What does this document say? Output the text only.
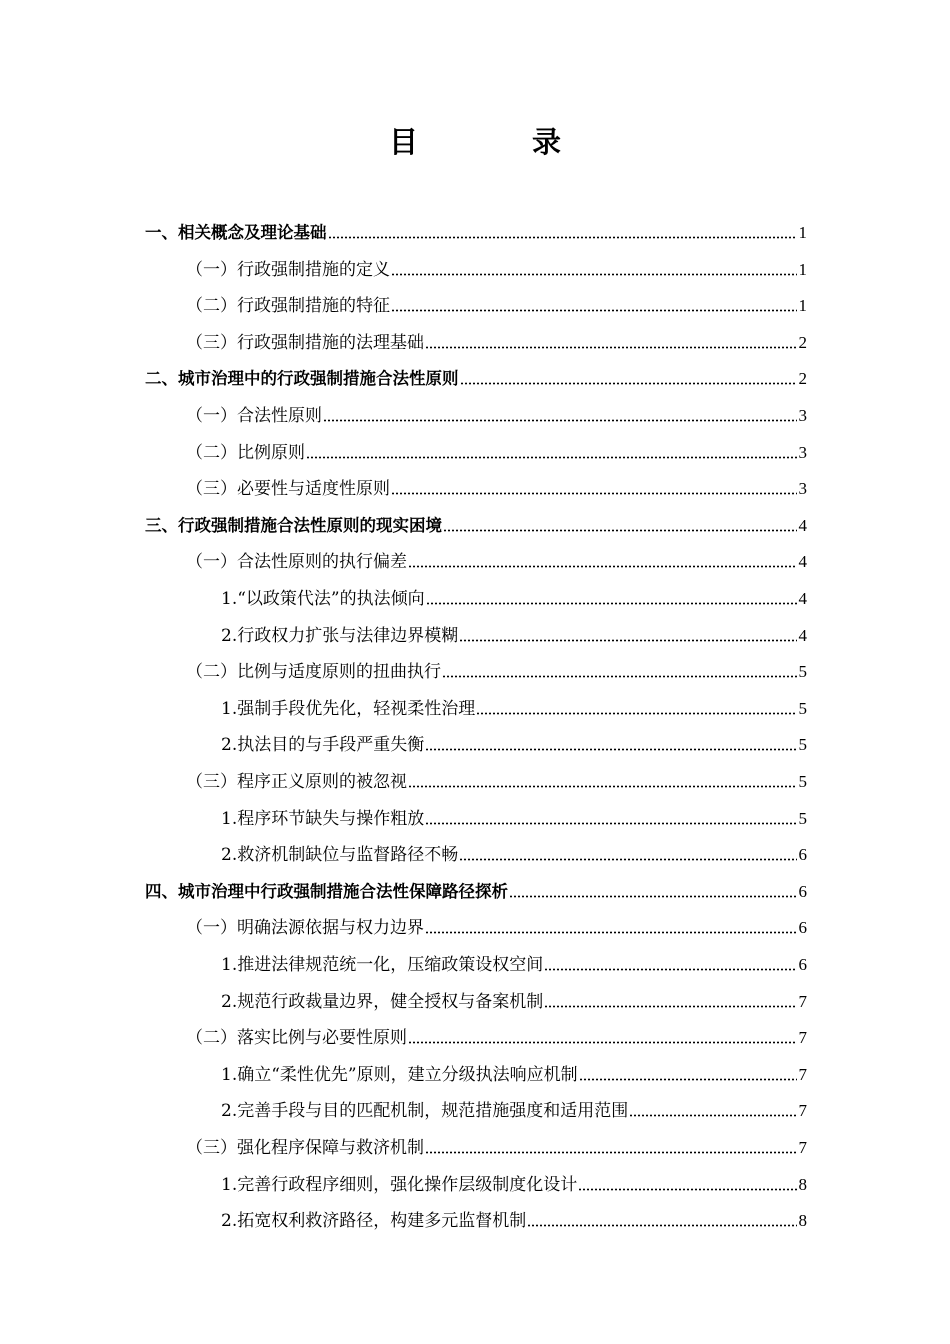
目 录
一、相关概念及理论基础	1
（一）行政强制措施的定义	1
（二）行政强制措施的特征	1
（三）行政强制措施的法理基础	2
二、城市治理中的行政强制措施合法性原则	2
（一）合法性原则	3
（二）比例原则	3
（三）必要性与适度性原则	3
三、行政强制措施合法性原则的现实困境	4
（一）合法性原则的执行偏差	4
1.“以政策代法”的执法倾向	4
2.行政权力扩张与法律边界模糊	4
（二）比例与适度原则的扭曲执行	5
1.强制手段优先化，轻视柔性治理	5
2.执法目的与手段严重失衡	5
（三）程序正义原则的被忽视	5
1.程序环节缺失与操作粗放	5
2.救济机制缺位与监督路径不畅	6
四、城市治理中行政强制措施合法性保障路径探析	6
（一）明确法源依据与权力边界	6
1.推进法律规范统一化，压缩政策设权空间	6
2.规范行政裁量边界，健全授权与备案机制	7
（二）落实比例与必要性原则	7
1.确立“柔性优先”原则，建立分级执法响应机制	7
2.完善手段与目的匹配机制，规范措施强度和适用范围	7
（三）强化程序保障与救济机制	7
1.完善行政程序细则，强化操作层级制度化设计	8
2.拓宽权利救济路径，构建多元监督机制	8
